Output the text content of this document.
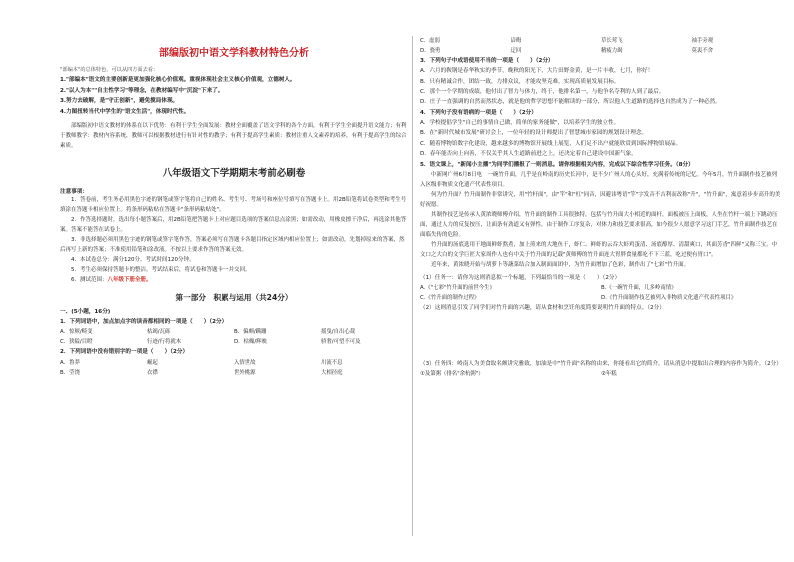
部编版初中语文学科教材特色分析
"部编本"的总体特色，可以从四方面去看：
1."部编本"语文的主要创新是更加强化核心价值观。重视体现社会主义核心价值观，立德树人。
2."以人为本""自主性学习"等理念，在教材编写中"沉淀"下来了。
3.努力去破解，是"守正创新"，避免搅局体现。
4.力图扭转当代中学生的"语文生活"，体现时代性。
部编版初中语文教材的体系在以下优势：有利于学生全面发展：教材全面覆盖了语文学科的各个方面，有利于学生全面提升语文能力；有利于教师教学：教材内容系统，教师可以根据教材进行有针对性的教学；有利于提高学生素质：教材注重人文素养的培养，有利于提高学生的综合素质。
八年级语文下学期期末考前必刷卷
注意事项：
1．答卷前，考生务必用黑色字迹的钢笔或签字笔将自己的姓名、考生号、考场号和座位号填写在答题卡上。用2B铅笔将试卷类型和考生号填涂在答题卡相应位置上。将条形码粘贴在答题卡"条形码粘贴处"。
2．作答选择题时，选出每小题答案后，用2B铅笔把答题卡上对应题目选项的答案信息点涂黑；如需改动，用橡皮擦干净后，再选涂其他答案。答案不能答在试卷上。
3．非选择题必须用黑色字迹的钢笔或签字笔作答，答案必须写在答题卡各题目指定区域内相应位置上；如需改动，先划掉原来的答案，然后再写上新的答案；不准使用铅笔和涂改液。不按以上要求作答的答案无效。
4．本试卷总分：满分120分。考试时间120分钟。
5．考生必须保持答题卡的整洁。考试结束后，将试卷和答题卡一并交回。
6．测试范围：八年级下册全册。
第一部分　积累与运用（共24分）
一、(5小题，16分)
1．下列词语中，加点加点字的读音都相同的一项是（　　）（2分）
A．惊厥/畸变	枯竭/瓦砾	B．偏颇/蹒跚	摇曳/自出心裁
C．狭隘/目瞪	行迹/行将就木	D．枯燥/辉映	骄奢/可望不可及
2．下列词语中没有错别字的一项是（　　）（2分）
A．鲁莽	崛起	入情世故	川流不息
B．莹饶	衣襟	世外桃源	大相径庭
C．虚弱	谙晦	草长莺飞	袖手旁观
D．骁勇	迂回	精疲力竭	莫衷不舍
3．下列句子中成语使用不当的一项是（　　）（2分）
A．六月的鞍钢是春华秋实的季节，晚秋的阳光下，大片田野金黄，是一片丰收，七月，你好！
B．只有精诚合作，团结一致，力排众议，才能攻坚克难，实现高质量发展目标。
C．那个一个学期的成绩，他付出了智力与体力，终于，他排名第一，与他争名夺利的人到了最后。
D．庄子一直强调的自然而然状态，就是他的哲学思想不能解读的一部分，所以他人生道路的选择也自然成为了一种必然。
4．下列句子没有语病的一项是（　　）（2分）
A．学校提倡学生"自己的事情自己做，简单的家务能做"，以培养学生的独立性。
B．在"新时代城市发展"研讨会上，一位年轻的设计师提出了智慧城市家园的规划设计理念。
C．随着博物馆数字化建设，越来越多的博物馆开展线上展览，人们足不出户就能欣赏到国际博物馆展品。
D．春年能否向上向善，不仅关乎其人生道路前进之上，还决定着自己建设中国新气象。
5．语文课上，"新闻小主播"为同学们播报了一则消息。请你根据相关内容，完成以下综合性学习任务。（8分）
中新网广州6月8日电　一碗竹升面，几乎是在岭南的历史长河中，是不少广州人的心头好，充满着传统的记忆。今年5月，竹升面制作技艺被列入区级非物质文化遗产代表性项目。
何为竹升面？竹升面制作非常讲究，用"竹杆面"，由"竿"和"杠"同音，因避讳粤语"竿"字发音不吉利而改称"升"，"竹升面"，寓意着步步高升的美好祝愿。
其制作技艺是传承人黄浓晓师傅介绍，竹升面的制作工具很独特，包括与竹升面大小相近的面杆，面板被压上面板，人坐在竹杆一端上下跳动压面，通过人力的反复按压，让面条有劲道又有弹性。由于制作工序复杂，对体力和技艺要求很高，如今很少人愿意学习这门手艺，竹升面制作技艺在面临失传的危险。
竹升面的汤底选用干地面鲜虾熬煮，加上煎来的大地鱼干，虾仁、鲜虾的云吞大虾鸡蛋清、汤底醇厚、清甜爽口，其面芳香"四鲜"又称三宝。中文口之大白的文学巨匠大家周作人也有中关于竹升面的记载"黄师傅的竹升面连大胃胖食量都吃不下三蓝，吃过便有胃口"。
近年来，黄浓晓开始与胡萝卜等蔬菜结合加入制面面团中，为竹升面增加了色彩，制作出了"七彩"竹升面。
（1）任务一：请你为这则消息拟一个标题，下列最恰当的一项是（　　）（2分）
A.《"七彩"竹升面的前世今生》	B.《一碗竹升面，几多岭南情》
C.《竹升面的制作过程》	D.《竹升面制作技艺被列入非物质文化遗产代表性项目》
（2）这则消息引发了同学们对竹升面的兴趣，请从食材和烹饪角度简要说明竹升面的特点。（2分）
（3）任务四：岭南人为美食取名颇讲究雅致，加油是中"竹升面"名称的由来，你能看出它的简介，请从消息中提取出合理的内容作为简介。（2分）
①及第粥（排名"余杭粥"）	②年糕
